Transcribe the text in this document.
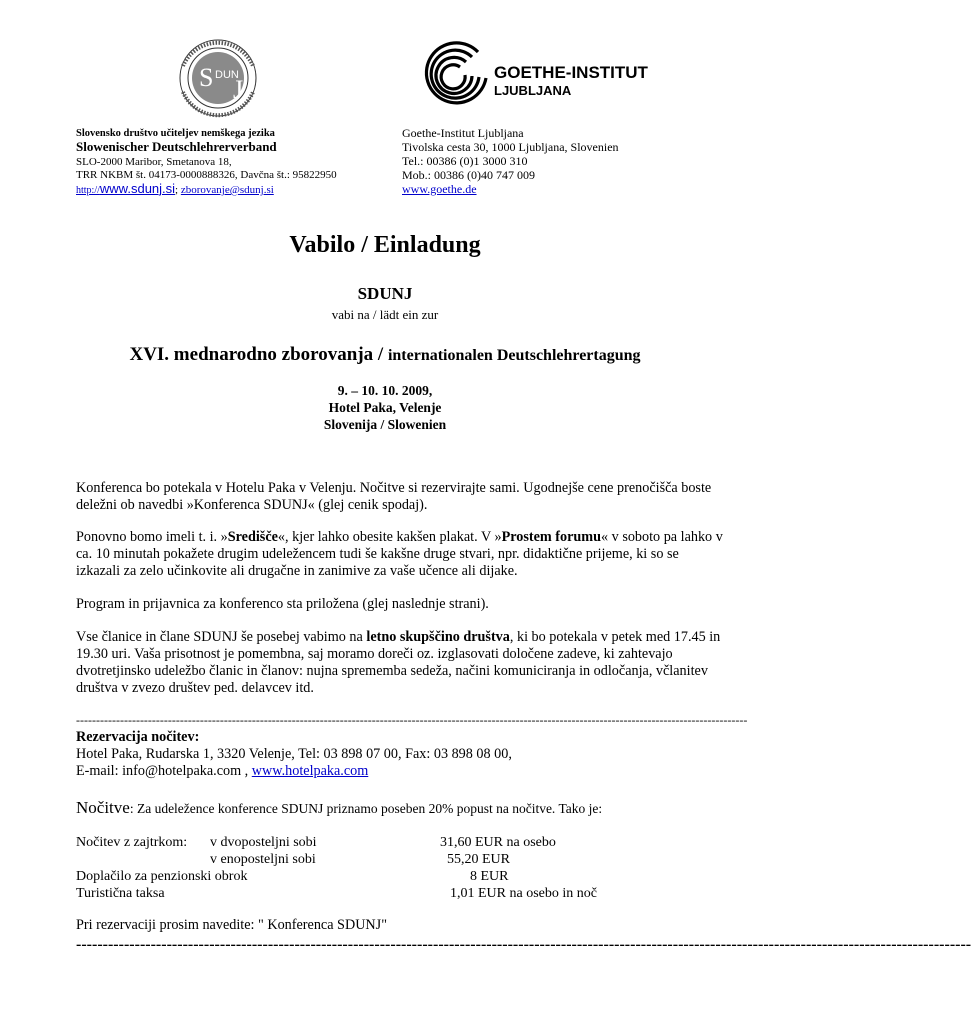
S DUN
J
Slovensko društvo učiteljev nemškega jezika
Slowenischer Deutschlehrerverband
SLO-2000 Maribor, Smetanova 18,
TRR NKBM št. 04173-0000888326, Davčna št.: 95822950
http://www.sdunj.si; zborovanje@sdunj.si
GOETHE-INSTITUT
LJUBLJANA
Goethe-Institut Ljubljana
Tivolska cesta 30, 1000 Ljubljana, Slovenien
Tel.: 00386 (0)1 3000 310
Mob.: 00386 (0)40 747 009
www.goethe.de
Vabilo / Einladung
SDUNJ
vabi na / lädt ein zur
XVI. mednarodno zborovanja / internationalen Deutschlehrertagung
9. – 10. 10. 2009,
Hotel Paka, Velenje
Slovenija / Slowenien
Konferenca bo potekala v Hotelu Paka v Velenju. Nočitve si rezervirajte sami. Ugodnejše cene prenočišča boste deležni ob navedbi »Konferenca SDUNJ« (glej cenik spodaj).
Ponovno bomo imeli t. i. »Središče«, kjer lahko obesite kakšen plakat. V »Prostem forumu« v soboto pa lahko v ca. 10 minutah pokažete drugim udeležencem tudi še kakšne druge stvari, npr. didaktične prijeme, ki so se izkazali za zelo učinkovite ali drugačne in zanimive za vaše učence ali dijake.
Program in prijavnica za konferenco sta priložena (glej naslednje strani).
Vse članice in člane SDUNJ še posebej vabimo na letno skupščino društva, ki bo potekala v petek med 17.45 in 19.30 uri. Vaša prisotnost je pomembna, saj moramo doreči oz. izglasovati določene zadeve, ki zahtevajo dvotretjinsko udeležbo članic in članov: nujna sprememba sedeža, načini komuniciranja in odločanja, včlanitev društva v zvezo društev ped. delavcev itd.
------------------------------------------------------------------------------------------------------------------------------------------------------------------------
Rezervacija nočitev:
Hotel Paka, Rudarska 1, 3320 Velenje, Tel: 03 898 07 00, Fax: 03 898 08 00,
E-mail: info@hotelpaka.com , www.hotelpaka.com
Nočitve: Za udeležence konference SDUNJ priznamo poseben 20% popust na nočitve. Tako je:
Nočitev z zajtrkom: v dvoposteljni sobi	31,60 EUR na osebo
v enoposteljni sobi	55,20 EUR
Doplačilo za penzionski obrok	8 EUR
Turistična taksa	1,01 EUR na osebo in noč
Pri rezervaciji prosim navedite: " Konferenca SDUNJ"
------------------------------------------------------------------------------------------------------------------------------------------------------------------------
